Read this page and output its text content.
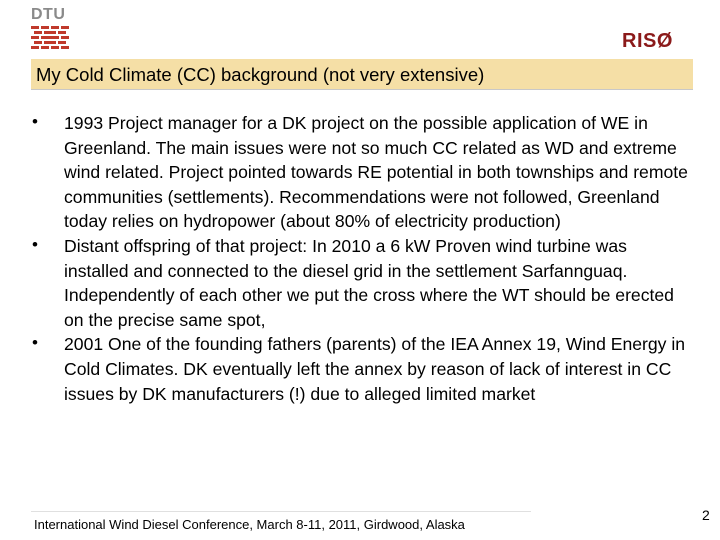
DTU
RISØ
My Cold Climate (CC) background (not very extensive)
• 1993 Project manager for a DK project on the possible application of WE in Greenland. The main issues were not so much CC related as WD and extreme wind related. Project pointed towards RE potential in both townships and remote communities (settlements). Recommendations were not followed, Greenland today relies on hydropower (about 80% of electricity production)
• Distant offspring of that project: In 2010 a 6 kW Proven wind turbine was installed and connected to the diesel grid in the settlement Sarfannguaq. Independently of each other we put the cross where the WT should be erected on the precise same spot,
• 2001 One of the founding fathers (parents) of the IEA Annex 19, Wind Energy in Cold Climates. DK eventually left the annex by reason of lack of interest in CC issues by DK manufacturers (!) due to alleged limited market
International Wind Diesel Conference, March 8-11, 2011, Girdwood, Alaska
2
